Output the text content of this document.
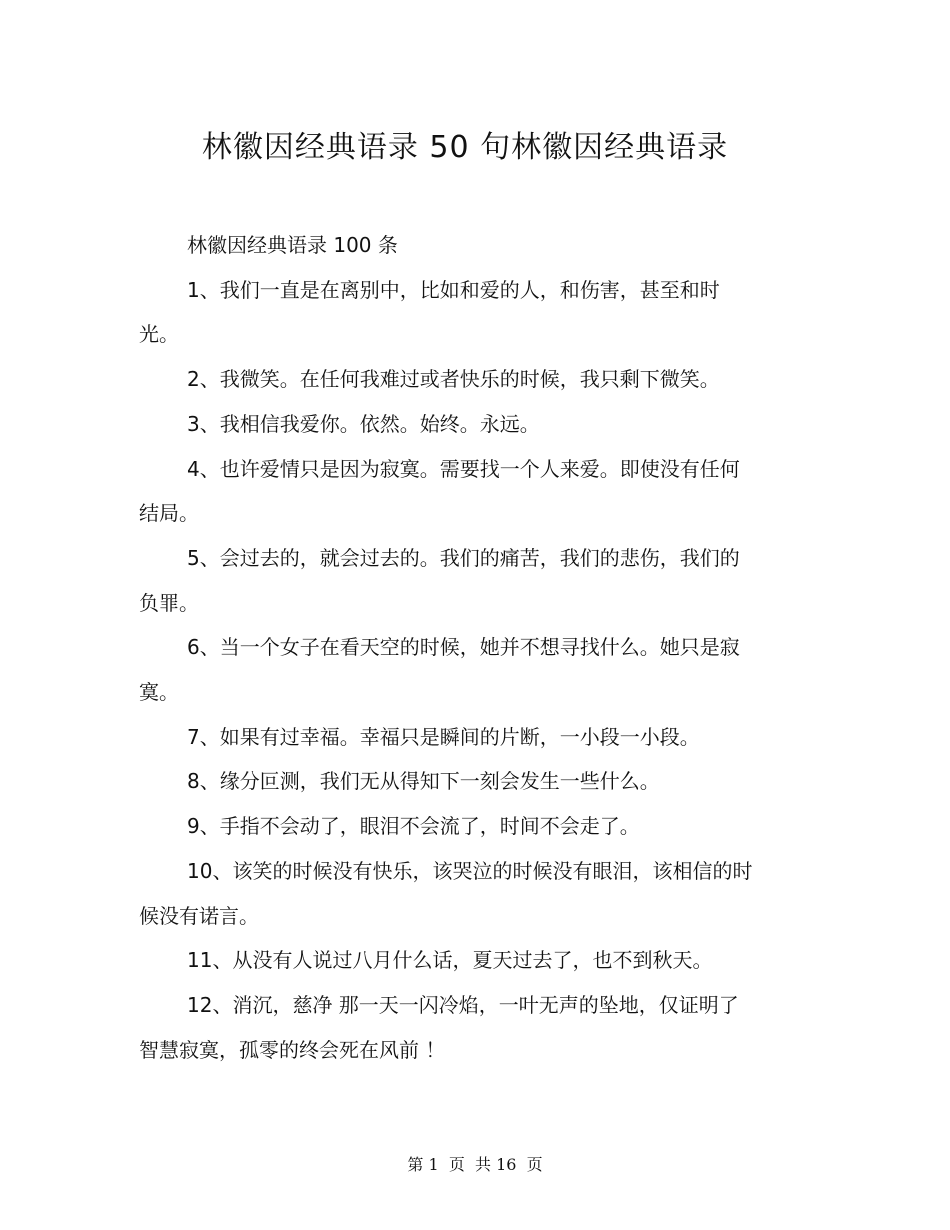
林徽因经典语录 50 句林徽因经典语录

林徽因经典语录 100 条

1、我们一直是在离别中，比如和爱的人，和伤害，甚至和时光。

2、我微笑。在任何我难过或者快乐的时候，我只剩下微笑。

3、我相信我爱你。依然。始终。永远。

4、也许爱情只是因为寂寞。需要找一个人来爱。即使没有任何结局。

5、会过去的，就会过去的。我们的痛苦，我们的悲伤，我们的负罪。

6、当一个女子在看天空的时候，她并不想寻找什么。她只是寂寞。

7、如果有过幸福。幸福只是瞬间的片断，一小段一小段。

8、缘分叵测，我们无从得知下一刻会发生一些什么。

9、手指不会动了，眼泪不会流了，时间不会走了。

10、该笑的时候没有快乐，该哭泣的时候没有眼泪，该相信的时候没有诺言。

11、从没有人说过八月什么话，夏天过去了，也不到秋天。

12、消沉，慈净 那一天一闪冷焰，一叶无声的坠地，仅证明了智慧寂寞，孤零的终会死在风前 ！

第 1  页  共 16  页
